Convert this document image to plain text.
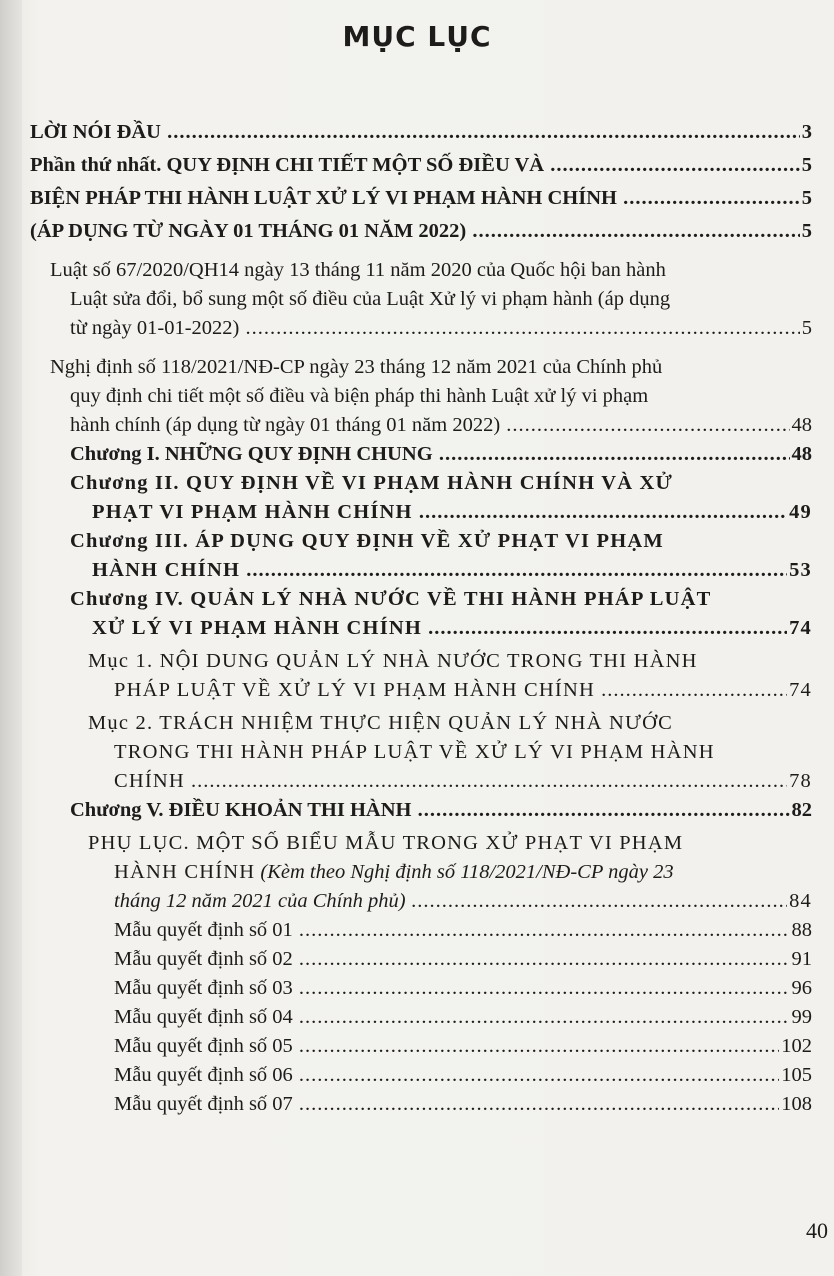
MỤC LỤC
LỜI NÓI ĐẦU .....	3
Phần thứ nhất. QUY ĐỊNH CHI TIẾT MỘT SỐ ĐIỀU VÀ .....	5
BIỆN PHÁP THI HÀNH LUẬT XỬ LÝ VI PHẠM HÀNH CHÍNH .....	5
(ÁP DỤNG TỪ NGÀY 01 THÁNG 01 NĂM 2022) .....	5
Luật số 67/2020/QH14 ngày 13 tháng 11 năm 2020 của Quốc hội ban hành
Luật sửa đổi, bổ sung một số điều của Luật Xử lý vi phạm hành (áp dụng
từ ngày 01-01-2022) .....	5
Nghị định số 118/2021/NĐ-CP ngày 23 tháng 12 năm 2021 của Chính phủ
quy định chi tiết một số điều và biện pháp thi hành Luật xử lý vi phạm
hành chính (áp dụng từ ngày 01 tháng 01 năm 2022) .....	48
Chương I. NHỮNG QUY ĐỊNH CHUNG .....	48
Chương II. QUY ĐỊNH VỀ VI PHẠM HÀNH CHÍNH VÀ XỬ
PHẠT VI PHẠM HÀNH CHÍNH .....	49
Chương III. ÁP DỤNG QUY ĐỊNH VỀ XỬ PHẠT VI PHẠM
HÀNH CHÍNH .....	53
Chương IV. QUẢN LÝ NHÀ NƯỚC VỀ THI HÀNH PHÁP LUẬT
XỬ LÝ VI PHẠM HÀNH CHÍNH .....	74
Mục 1. NỘI DUNG QUẢN LÝ NHÀ NƯỚC TRONG THI HÀNH
PHÁP LUẬT VỀ XỬ LÝ VI PHẠM HÀNH CHÍNH .....	74
Mục 2. TRÁCH NHIỆM THỰC HIỆN QUẢN LÝ NHÀ NƯỚC
TRONG THI HÀNH PHÁP LUẬT VỀ XỬ LÝ VI PHẠM HÀNH
CHÍNH .....	78
Chương V. ĐIỀU KHOẢN THI HÀNH .....	82
PHỤ LỤC. MỘT SỐ BIỂU MẪU TRONG XỬ PHẠT VI PHẠM
HÀNH CHÍNH (Kèm theo Nghị định số 118/2021/NĐ-CP ngày 23
tháng 12 năm 2021 của Chính phủ) .....	84
Mẫu quyết định số 01 .....	88
Mẫu quyết định số 02 .....	91
Mẫu quyết định số 03 .....	96
Mẫu quyết định số 04 .....	99
Mẫu quyết định số 05 .....	102
Mẫu quyết định số 06 .....	105
Mẫu quyết định số 07 .....	108
40
